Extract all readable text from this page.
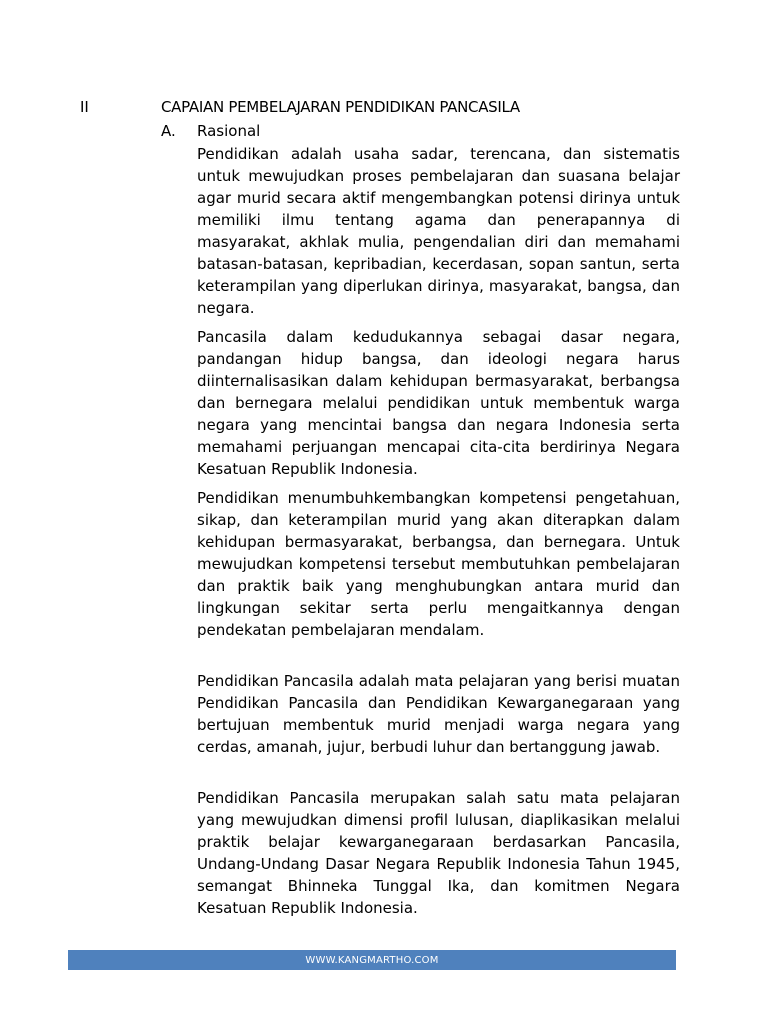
II	CAPAIAN PEMBELAJARAN PENDIDIKAN PANCASILA
A. Rasional

Pendidikan adalah usaha sadar, terencana, dan sistematis untuk mewujudkan proses pembelajaran dan suasana belajar agar murid secara aktif mengembangkan potensi dirinya untuk memiliki ilmu tentang agama dan penerapannya di masyarakat, akhlak mulia, pengendalian diri dan memahami batasan-batasan, kepribadian, kecerdasan, sopan santun, serta keterampilan yang diperlukan dirinya, masyarakat, bangsa, dan negara.

Pancasila dalam kedudukannya sebagai dasar negara, pandangan hidup bangsa, dan ideologi negara harus diinternalisasikan dalam kehidupan bermasyarakat, berbangsa dan bernegara melalui pendidikan untuk membentuk warga negara yang mencintai bangsa dan negara Indonesia serta memahami perjuangan mencapai cita-cita berdirinya Negara Kesatuan Republik Indonesia.

Pendidikan menumbuhkembangkan kompetensi pengetahuan, sikap, dan keterampilan murid yang akan diterapkan dalam kehidupan bermasyarakat, berbangsa, dan bernegara. Untuk mewujudkan kompetensi tersebut membutuhkan pembelajaran dan praktik baik yang menghubungkan antara murid dan lingkungan sekitar serta perlu mengaitkannya dengan pendekatan pembelajaran mendalam.

Pendidikan Pancasila adalah mata pelajaran yang berisi muatan Pendidikan Pancasila dan Pendidikan Kewarganegaraan yang bertujuan membentuk murid menjadi warga negara yang cerdas, amanah, jujur, berbudi luhur dan bertanggung jawab.

Pendidikan Pancasila merupakan salah satu mata pelajaran yang mewujudkan dimensi profil lulusan, diaplikasikan melalui praktik belajar kewarganegaraan berdasarkan Pancasila, Undang-Undang Dasar Negara Republik Indonesia Tahun 1945, semangat Bhinneka Tunggal Ika, dan komitmen Negara Kesatuan Republik Indonesia.

WWW.KANGMARTHO.COM
